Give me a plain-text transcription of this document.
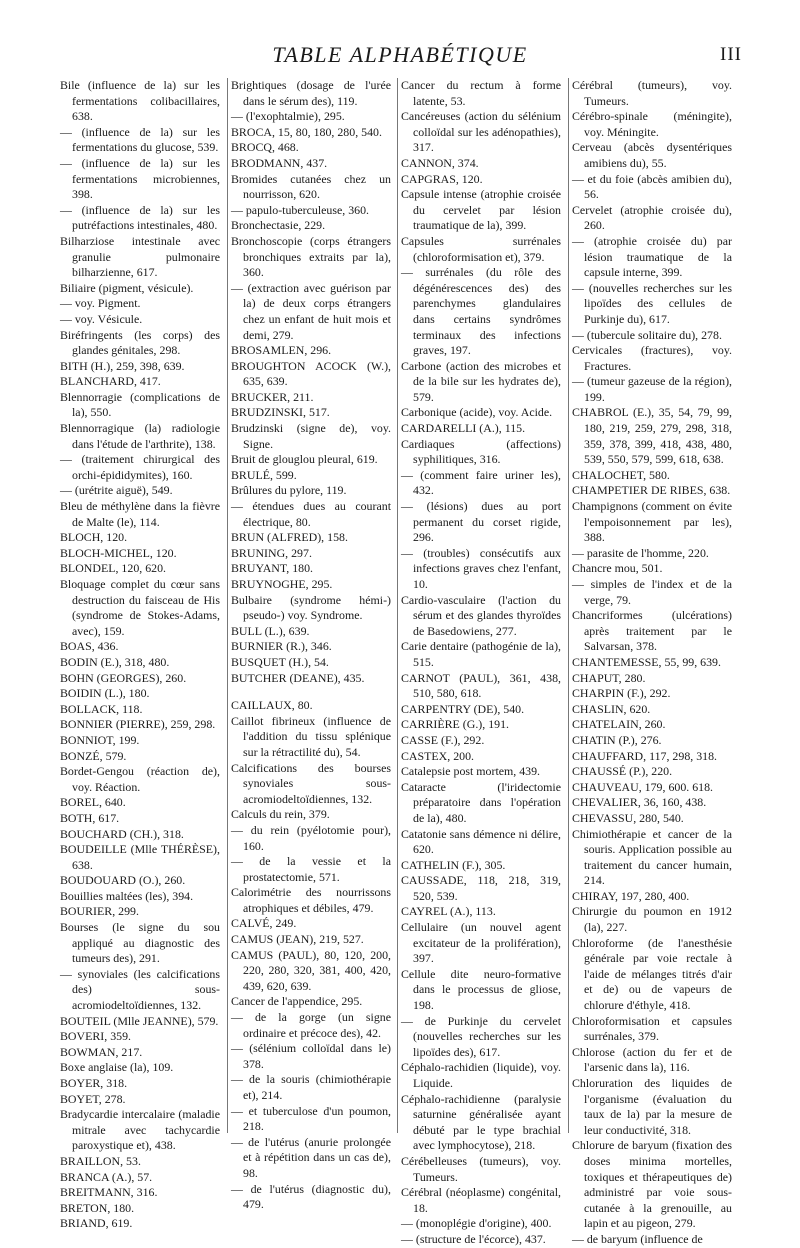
TABLE ALPHABÉTIQUE	III

Bile (influence de la) sur les fermentations colibacillaires, 638.

— (influence de la) sur les fermentations du glucose, 539.

— (influence de la) sur les fermentations microbiennes, 398.

— (influence de la) sur les putréfactions intestinales, 480.

Bilharziose intestinale avec granulie pulmonaire bilharzienne, 617.

Biliaire (pigment, vésicule).

— voy. Pigment.

— voy. Vésicule.

Biréfringents (les corps) des glandes génitales, 298.

BITH (H.), 259, 398, 639.

BLANCHARD, 417.

Blennorragie (complications de la), 550.

Blennorragique (la) radiologie dans l'étude de l'arthrite), 138.

— (traitement chirurgical des orchi-épididymites), 160.

— (urétrite aiguë), 549.

Bleu de méthylène dans la fièvre de Malte (le), 114.

BLOCH, 120.

BLOCH-MICHEL, 120.

BLONDEL, 120, 620.

Bloquage complet du cœur sans destruction du faisceau de His (syndrome de Stokes-Adams, avec), 159.

BOAS, 436.

BODIN (E.), 318, 480.

BOHN (GEORGES), 260.

BOIDIN (L.), 180.

BOLLACK, 118.

BONNIER (PIERRE), 259, 298.

BONNIOT, 199.

BONZÉ, 579.

Bordet-Gengou (réaction de), voy. Réaction.

BOREL, 640.

BOTH, 617.

BOUCHARD (CH.), 318.

BOUDEILLE (Mlle THÉRÈSE), 638.

BOUDOUARD (O.), 260.

Bouillies maltées (les), 394.

BOURIER, 299.

Bourses (le signe du sou appliqué au diagnostic des tumeurs des), 291.

— synoviales (les calcifications des) sous-acromiodeltoïdiennes, 132.

BOUTEIL (Mlle JEANNE), 579.

BOVERI, 359.

BOWMAN, 217.

Boxe anglaise (la), 109.

BOYER, 318.

BOYET, 278.

Bradycardie intercalaire (maladie mitrale avec tachycardie paroxystique et), 438.

BRAILLON, 53.

BRANCA (A.), 57.

BREITMANN, 316.

BRETON, 180.

BRIAND, 619.

Brightiques (dosage de l'urée dans le sérum des), 119.

— (l'exophtalmie), 295.

BROCA, 15, 80, 180, 280, 540.

BROCQ, 468.

BRODMANN, 437.

Bromides cutanées chez un nourrisson, 620.

— papulo-tuberculeuse, 360.

Bronchectasie, 229.

Bronchoscopie (corps étrangers bronchiques extraits par la), 360.

— (extraction avec guérison par la) de deux corps étrangers chez un enfant de huit mois et demi, 279.

BROSAMLEN, 296.

BROUGHTON ACOCK (W.), 635, 639.

BRUCKER, 211.

BRUDZINSKI, 517.

Brudzinski (signe de), voy. Signe.

Bruit de glouglou pleural, 619.

BRULÉ, 599.

Brûlures du pylore, 119.

— étendues dues au courant électrique, 80.

BRUN (ALFRED), 158.

BRUNING, 297.

BRUYANT, 180.

BRUYNOGHE, 295.

Bulbaire (syndrome hémi-) pseudo-) voy. Syndrome.

BULL (L.), 639.

BURNIER (R.), 346.

BUSQUET (H.), 54.

BUTCHER (DEANE), 435.

CAILLAUX, 80.

Caillot fibrineux (influence de l'addition du tissu splénique sur la rétractilité du), 54.

Calcifications des bourses synoviales sous-acromiodeltoïdiennes, 132.

Calculs du rein, 379.

— du rein (pyélotomie pour), 160.

— de la vessie et la prostatectomie, 571.

Calorimétrie des nourrissons atrophiques et débiles, 479.

CALVÉ, 249.

CAMUS (JEAN), 219, 527.

CAMUS (PAUL), 80, 120, 200, 220, 280, 320, 381, 400, 420, 439, 620, 639.

Cancer de l'appendice, 295.

— de la gorge (un signe ordinaire et précoce des), 42.

— (sélénium colloïdal dans le) 378.

— de la souris (chimiothérapie et), 214.

— et tuberculose d'un poumon, 218.

— de l'utérus (anurie prolongée et à répétition dans un cas de), 98.

— de l'utérus (diagnostic du), 479.

Cancer du rectum à forme latente, 53.

Cancéreuses (action du sélénium colloïdal sur les adénopathies), 317.

CANNON, 374.

CAPGRAS, 120.

Capsule intense (atrophie croisée du cervelet par lésion traumatique de la), 399.

Capsules surrénales (chloroformisation et), 379.

— surrénales (du rôle des dégénérescences des) des parenchymes glandulaires dans certains syndrômes terminaux des infections graves, 197.

Carbone (action des microbes et de la bile sur les hydrates de), 579.

Carbonique (acide), voy. Acide.

CARDARELLI (A.), 115.

Cardiaques (affections) syphilitiques, 316.

— (comment faire uriner les), 432.

— (lésions) dues au port permanent du corset rigide, 296.

— (troubles) consécutifs aux infections graves chez l'enfant, 10.

Cardio-vasculaire (l'action du sérum et des glandes thyroïdes de Basedowiens, 277.

Carie dentaire (pathogénie de la), 515.

CARNOT (PAUL), 361, 438, 510, 580, 618.

CARPENTRY (DE), 540.

CARRIÈRE (G.), 191.

CASSE (F.), 292.

CASTEX, 200.

Catalepsie post mortem, 439.

Cataracte (l'iridectomie préparatoire dans l'opération de la), 480.

Catatonie sans démence ni délire, 620.

CATHELIN (F.), 305.

CAUSSADE, 118, 218, 319, 520, 539.

CAYREL (A.), 113.

Cellulaire (un nouvel agent excitateur de la prolifération), 397.

Cellule dite neuro-formative dans le processus de gliose, 198.

— de Purkinje du cervelet (nouvelles recherches sur les lipoïdes des), 617.

Céphalo-rachidien (liquide), voy. Liquide.

Céphalo-rachidienne (paralysie saturnine généralisée ayant débuté par le type brachial avec lymphocytose), 218.

Cérébelleuses (tumeurs), voy. Tumeurs.

Cérébral (néoplasme) congénital, 18.

— (monoplégie d'origine), 400.

— (structure de l'écorce), 437.

Cérébral (tumeurs), voy. Tumeurs.

Cérébro-spinale (méningite), voy. Méningite.

Cerveau (abcès dysentériques amibiens du), 55.

— et du foie (abcès amibien du), 56.

Cervelet (atrophie croisée du), 260.

— (atrophie croisée du) par lésion traumatique de la capsule interne, 399.

— (nouvelles recherches sur les lipoïdes des cellules de Purkinje du), 617.

— (tubercule solitaire du), 278.

Cervicales (fractures), voy. Fractures.

— (tumeur gazeuse de la région), 199.

CHABROL (E.), 35, 54, 79, 99, 180, 219, 259, 279, 298, 318, 359, 378, 399, 418, 438, 480, 539, 550, 579, 599, 618, 638.

CHALOCHET, 580.

CHAMPETIER DE RIBES, 638.

Champignons (comment on évite l'empoisonnement par les), 388.

— parasite de l'homme, 220.

Chancre mou, 501.

— simples de l'index et de la verge, 79.

Chancriformes (ulcérations) après traitement par le Salvarsan, 378.

CHANTEMESSE, 55, 99, 639.

CHAPUT, 280.

CHARPIN (F.), 292.

CHASLIN, 620.

CHATELAIN, 260.

CHATIN (P.), 276.

CHAUFFARD, 117, 298, 318.

CHAUSSÉ (P.), 220.

CHAUVEAU, 179, 600. 618.

CHEVALIER, 36, 160, 438.

CHEVASSU, 280, 540.

Chimiothérapie et cancer de la souris. Application possible au traitement du cancer humain, 214.

CHIRAY, 197, 280, 400.

Chirurgie du poumon en 1912 (la), 227.

Chloroforme (de l'anesthésie générale par voie rectale à l'aide de mélanges titrés d'air et de) ou de vapeurs de chlorure d'éthyle, 418.

Chloroformisation et capsules surrénales, 379.

Chlorose (action du fer et de l'arsenic dans la), 116.

Chloruration des liquides de l'organisme (évaluation du taux de la) par la mesure de leur conductivité, 318.

Chlorure de baryum (fixation des doses minima mortelles, toxiques et thérapeutiques de) administré par voie sous-cutanée à la grenouille, au lapin et au pigeon, 279.

— de baryum (influence de
